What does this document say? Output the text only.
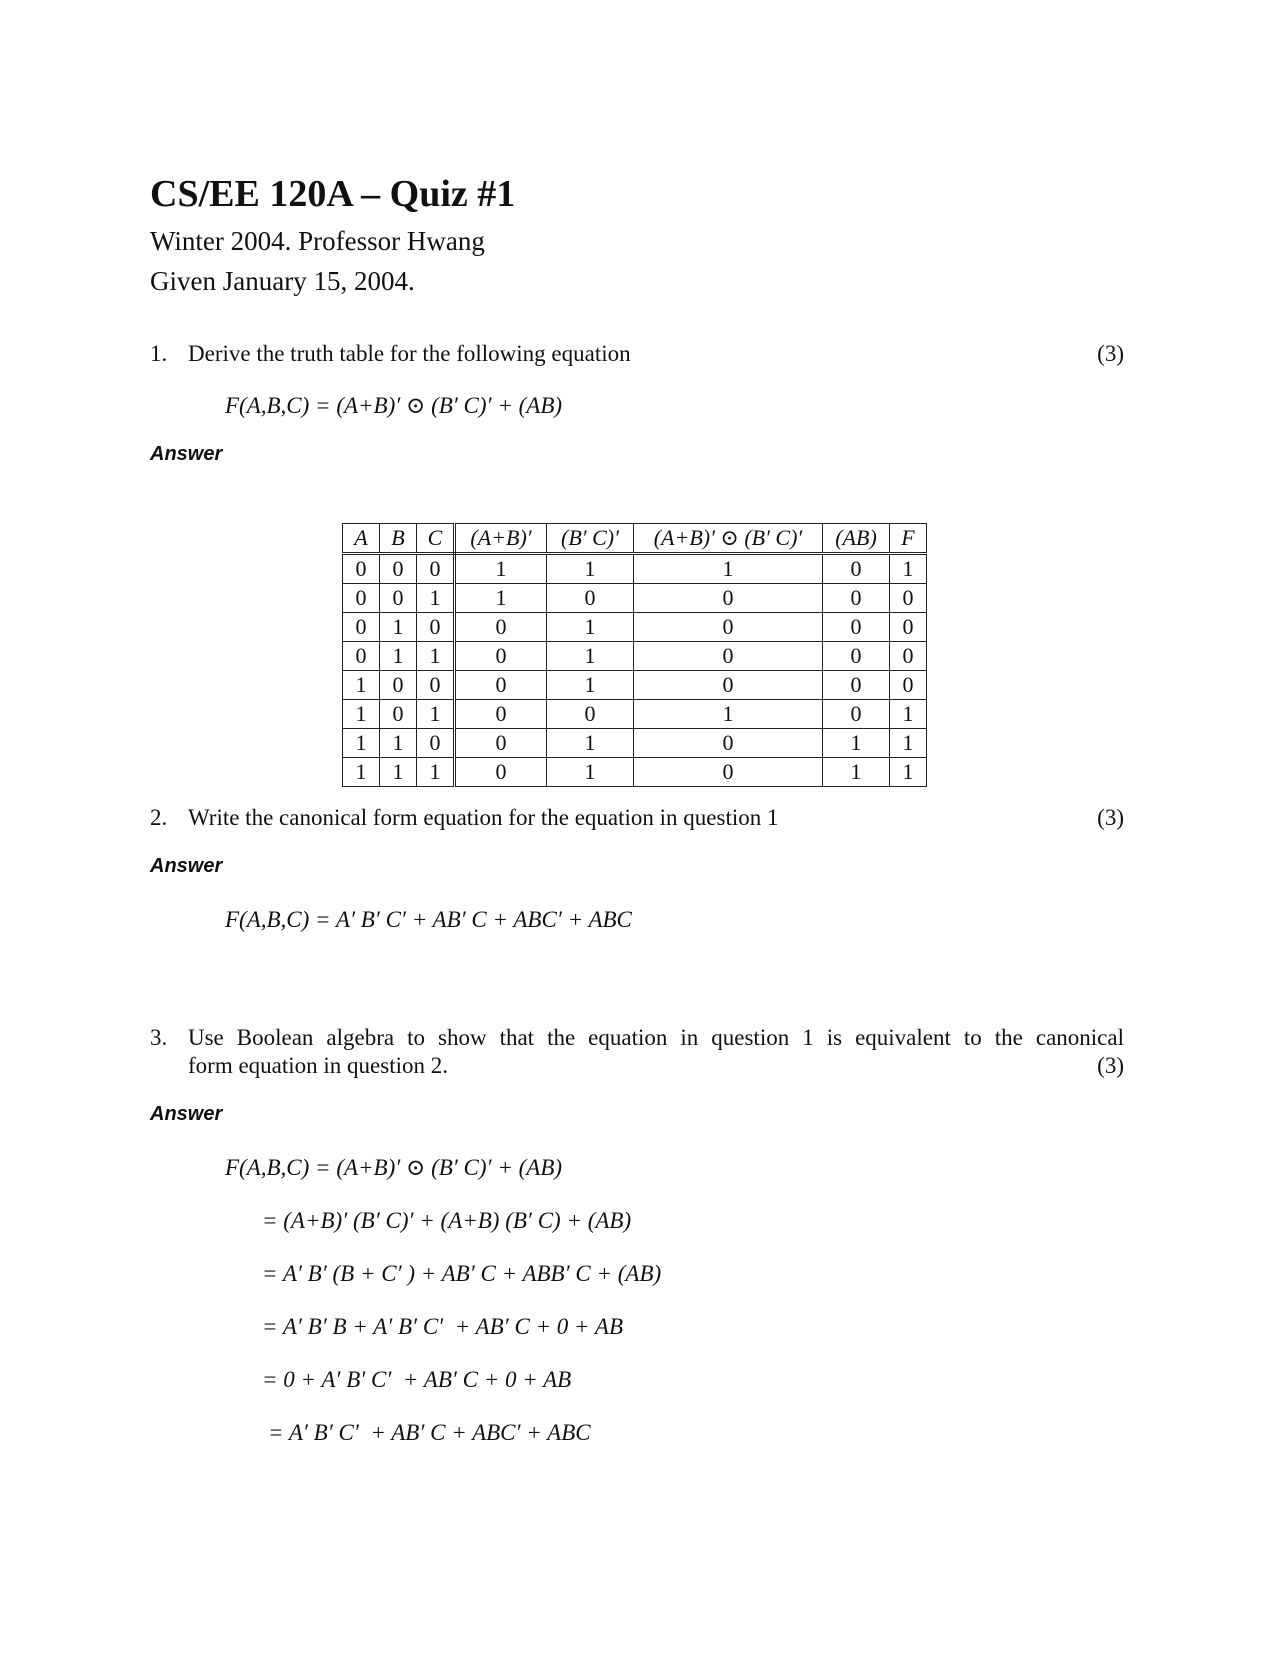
CS/EE 120A – Quiz #1
Winter 2004. Professor Hwang
Given January 15, 2004.
1. Derive the truth table for the following equation	(3)
F(A,B,C) = (A+B)′ ⊙ (B′ C)′ + (AB)
Answer
A	B	C	(A+B)′	(B′ C)′	(A+B)′ ⊙ (B′ C)′	(AB)	F
0	0	0	1	1	1	0	1
0	0	1	1	0	0	0	0
0	1	0	0	1	0	0	0
0	1	1	0	1	0	0	0
1	0	0	0	1	0	0	0
1	0	1	0	0	1	0	1
1	1	0	0	1	0	1	1
1	1	1	0	1	0	1	1
2. Write the canonical form equation for the equation in question 1	(3)
Answer
F(A,B,C) = A′ B′ C′ + AB′ C + ABC′ + ABC
3. Use Boolean algebra to show that the equation in question 1 is equivalent to the canonical
form equation in question 2.	(3)
Answer
F(A,B,C) = (A+B)′ ⊙ (B′ C)′ + (AB)
= (A+B)′ (B′ C)′ + (A+B) (B′ C) + (AB)
= A′ B′ (B + C′ ) + AB′ C + ABB′ C + (AB)
= A′ B′ B + A′ B′ C′  + AB′ C + 0 + AB
= 0 + A′ B′ C′  + AB′ C + 0 + AB
= A′ B′ C′  + AB′ C + ABC′ + ABC
